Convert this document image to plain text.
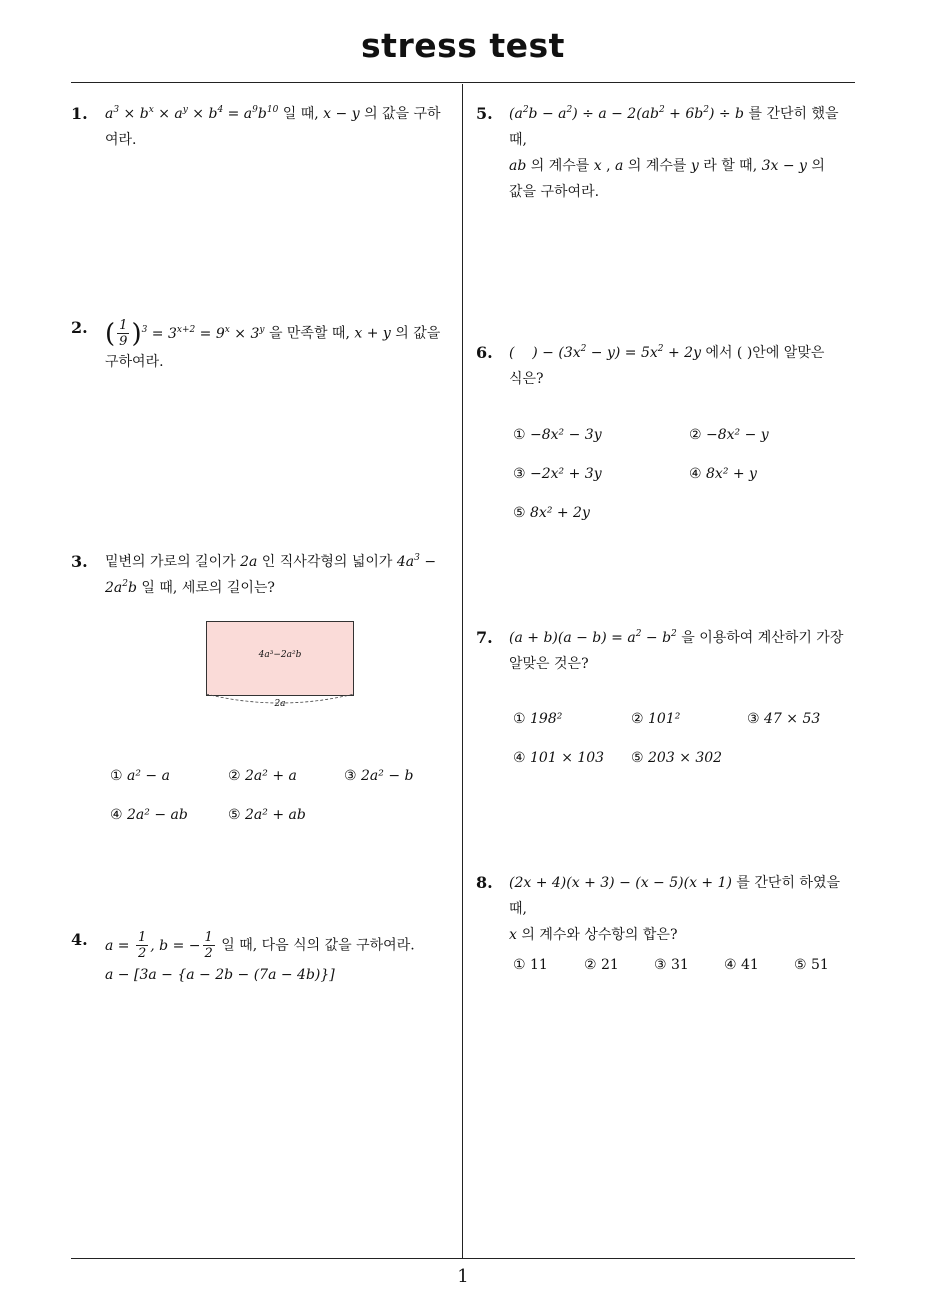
stress test
1
1. $a^3 \times b^x \times a^y \times b^4 = a^9b^{10}$ 일 때, x − y 의 값을 구하
여라.
2. ( $\frac{1}{9} )^3 = 3^{x+2} = 9^x \times 3^y$ 을 만족할 때, x + y 의 값을
구하여라.
3. 밑변의 가로의 길이가 2a 인 직사각형의 넓이가 $4a^3$ −
$2a^2b$ 일 때, 세로의 길이는?
4a³−2a²b
2a
① a² − a	② 2a² + a	③ 2a² − b
④ 2a² − ab	⑤ 2a² + ab
4. $a = \frac{1}{2}$ , b = − $\frac{1}{2}$ 일 때, 다음 식의 값을 구하여라.
a − [3a − {a − 2b − (7a − 4b)}]
5. $(a^2b - a^2) \div a - 2(ab^2 + 6b^2) \div b$ 를 간단히 했을 때,
ab 의 계수를 x , a 의 계수를 y 라 할 때, 3x − y 의
값을 구하여라.
6. (    ) − $(3x^2 - y) = 5x^2 + 2y$ 에서 ( )안에 알맞은
식은?
① −8x² − 3y	② −8x² − y
③ −2x² + 3y	④ 8x² + y
⑤ 8x² + 2y
7. $(a + b)(a - b) = a^2 - b^2$ 을 이용하여 계산하기 가장
알맞은 것은?
① 198²	② 101²	③ 47 × 53
④ 101 × 103 ⑤ 203 × 302
8. (2x + 4)(x + 3) − (x − 5)(x + 1) 를 간단히 하였을 때,
x 의 계수와 상수항의 합은?
① 11	② 21	③ 31	④ 41	⑤ 51
